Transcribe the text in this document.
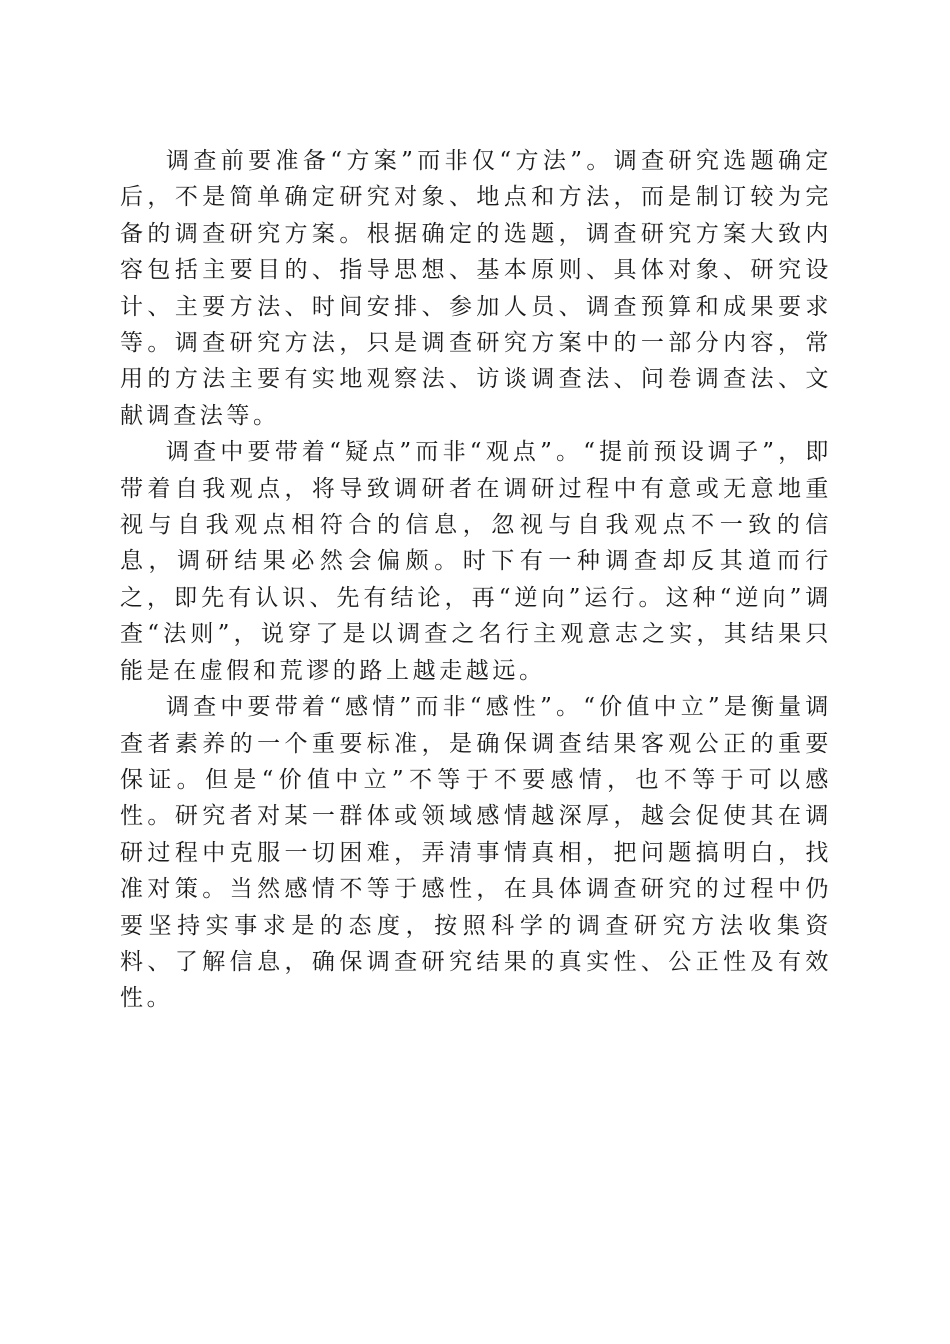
调查前要准备“方案”而非仅“方法”。调查研究选题确定后，不是简单确定研究对象、地点和方法，而是制订较为完备的调查研究方案。根据确定的选题，调查研究方案大致内容包括主要目的、指导思想、基本原则、具体对象、研究设计、主要方法、时间安排、参加人员、调查预算和成果要求等。调查研究方法，只是调查研究方案中的一部分内容，常用的方法主要有实地观察法、访谈调查法、问卷调查法、文献调查法等。

调查中要带着“疑点”而非“观点”。“提前预设调子”，即带着自我观点，将导致调研者在调研过程中有意或无意地重视与自我观点相符合的信息，忽视与自我观点不一致的信息，调研结果必然会偏颇。时下有一种调查却反其道而行之，即先有认识、先有结论，再“逆向”运行。这种“逆向”调查“法则”，说穿了是以调查之名行主观意志之实，其结果只能是在虚假和荒谬的路上越走越远。

调查中要带着“感情”而非“感性”。“价值中立”是衡量调查者素养的一个重要标准，是确保调查结果客观公正的重要保证。但是“价值中立”不等于不要感情，也不等于可以感性。研究者对某一群体或领域感情越深厚，越会促使其在调研过程中克服一切困难，弄清事情真相，把问题搞明白，找准对策。当然感情不等于感性，在具体调查研究的过程中仍要坚持实事求是的态度，按照科学的调查研究方法收集资料、了解信息，确保调查研究结果的真实性、公正性及有效性。
